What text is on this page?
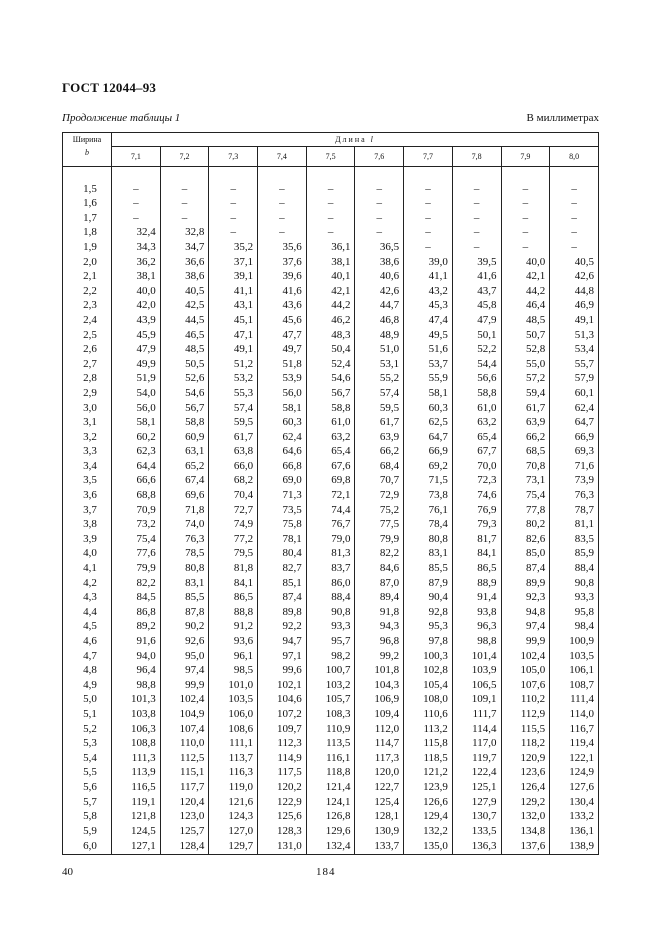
ГОСТ 12044–93
Продолжение таблицы 1	В миллиметрах
Ширина
b	Длина l									
	7,1	7,2	7,3	7,4	7,5	7,6	7,7	7,8	7,9	8,0

1,5	–	–	–	–	–	–	–	–	–	–
1,6	–	–	–	–	–	–	–	–	–	–
1,7	–	–	–	–	–	–	–	–	–	–
1,8	32,4	32,8	–	–	–	–	–	–	–	–
1,9	34,3	34,7	35,2	35,6	36,1	36,5	–	–	–	–
2,0	36,2	36,6	37,1	37,6	38,1	38,6	39,0	39,5	40,0	40,5
2,1	38,1	38,6	39,1	39,6	40,1	40,6	41,1	41,6	42,1	42,6
2,2	40,0	40,5	41,1	41,6	42,1	42,6	43,2	43,7	44,2	44,8
2,3	42,0	42,5	43,1	43,6	44,2	44,7	45,3	45,8	46,4	46,9
2,4	43,9	44,5	45,1	45,6	46,2	46,8	47,4	47,9	48,5	49,1
2,5	45,9	46,5	47,1	47,7	48,3	48,9	49,5	50,1	50,7	51,3
2,6	47,9	48,5	49,1	49,7	50,4	51,0	51,6	52,2	52,8	53,4
2,7	49,9	50,5	51,2	51,8	52,4	53,1	53,7	54,4	55,0	55,7
2,8	51,9	52,6	53,2	53,9	54,6	55,2	55,9	56,6	57,2	57,9
2,9	54,0	54,6	55,3	56,0	56,7	57,4	58,1	58,8	59,4	60,1
3,0	56,0	56,7	57,4	58,1	58,8	59,5	60,3	61,0	61,7	62,4
3,1	58,1	58,8	59,5	60,3	61,0	61,7	62,5	63,2	63,9	64,7
3,2	60,2	60,9	61,7	62,4	63,2	63,9	64,7	65,4	66,2	66,9
3,3	62,3	63,1	63,8	64,6	65,4	66,2	66,9	67,7	68,5	69,3
3,4	64,4	65,2	66,0	66,8	67,6	68,4	69,2	70,0	70,8	71,6
3,5	66,6	67,4	68,2	69,0	69,8	70,7	71,5	72,3	73,1	73,9
3,6	68,8	69,6	70,4	71,3	72,1	72,9	73,8	74,6	75,4	76,3
3,7	70,9	71,8	72,7	73,5	74,4	75,2	76,1	76,9	77,8	78,7
3,8	73,2	74,0	74,9	75,8	76,7	77,5	78,4	79,3	80,2	81,1
3,9	75,4	76,3	77,2	78,1	79,0	79,9	80,8	81,7	82,6	83,5
4,0	77,6	78,5	79,5	80,4	81,3	82,2	83,1	84,1	85,0	85,9
4,1	79,9	80,8	81,8	82,7	83,7	84,6	85,5	86,5	87,4	88,4
4,2	82,2	83,1	84,1	85,1	86,0	87,0	87,9	88,9	89,9	90,8
4,3	84,5	85,5	86,5	87,4	88,4	89,4	90,4	91,4	92,3	93,3
4,4	86,8	87,8	88,8	89,8	90,8	91,8	92,8	93,8	94,8	95,8
4,5	89,2	90,2	91,2	92,2	93,3	94,3	95,3	96,3	97,4	98,4
4,6	91,6	92,6	93,6	94,7	95,7	96,8	97,8	98,8	99,9	100,9
4,7	94,0	95,0	96,1	97,1	98,2	99,2	100,3	101,4	102,4	103,5
4,8	96,4	97,4	98,5	99,6	100,7	101,8	102,8	103,9	105,0	106,1
4,9	98,8	99,9	101,0	102,1	103,2	104,3	105,4	106,5	107,6	108,7
5,0	101,3	102,4	103,5	104,6	105,7	106,9	108,0	109,1	110,2	111,4
5,1	103,8	104,9	106,0	107,2	108,3	109,4	110,6	111,7	112,9	114,0
5,2	106,3	107,4	108,6	109,7	110,9	112,0	113,2	114,4	115,5	116,7
5,3	108,8	110,0	111,1	112,3	113,5	114,7	115,8	117,0	118,2	119,4
5,4	111,3	112,5	113,7	114,9	116,1	117,3	118,5	119,7	120,9	122,1
5,5	113,9	115,1	116,3	117,5	118,8	120,0	121,2	122,4	123,6	124,9
5,6	116,5	117,7	119,0	120,2	121,4	122,7	123,9	125,1	126,4	127,6
5,7	119,1	120,4	121,6	122,9	124,1	125,4	126,6	127,9	129,2	130,4
5,8	121,8	123,0	124,3	125,6	126,8	128,1	129,4	130,7	132,0	133,2
5,9	124,5	125,7	127,0	128,3	129,6	130,9	132,2	133,5	134,8	136,1
6,0	127,1	128,4	129,7	131,0	132,4	133,7	135,0	136,3	137,6	138,9
40	184
